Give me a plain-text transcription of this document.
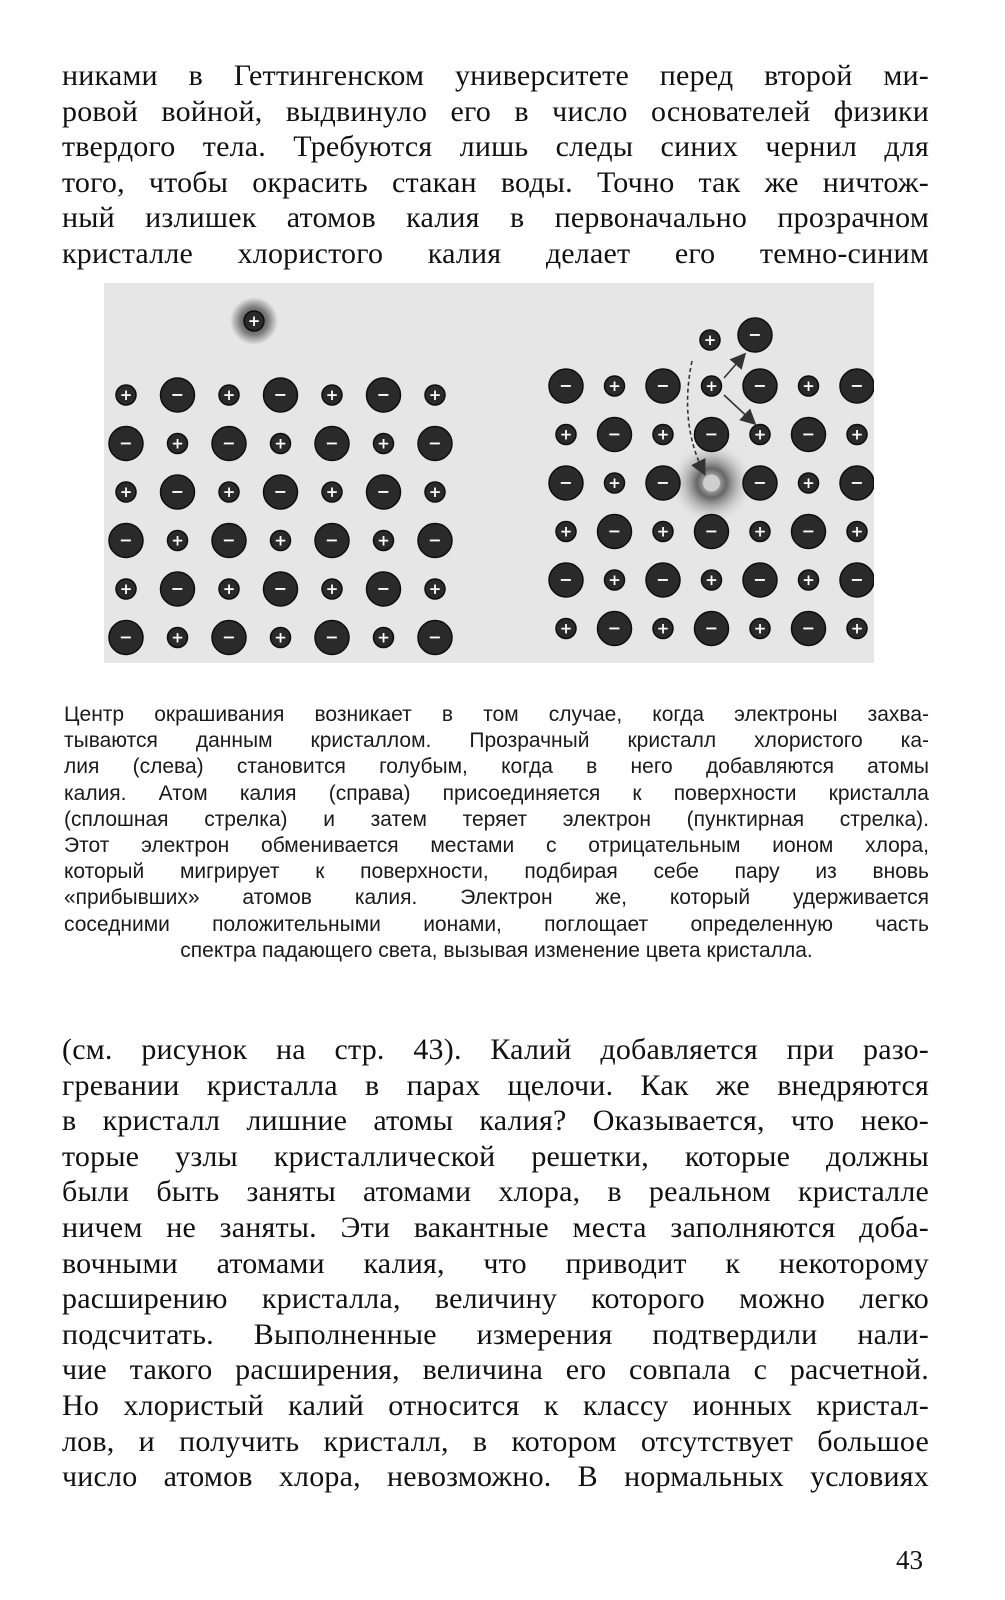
никами в Геттингенском университете перед второй ми-
ровой войной, выдвинуло его в число основателей физики
твердого тела. Требуются лишь следы синих чернил для
того, чтобы окрасить стакан воды. Точно так же ничтож-
ный излишек атомов калия в первоначально прозрачном
кристалле хлористого калия делает его темно-синим
+ −	+ −	+ −	+
−	+ −	+ −	+ −
+ −	+ −	+ −	+
−	+ −	+ −	+ −
+ −	+ −	+ −	+
−	+ −	+ −	+ −
− + − + − + −
+ − + − + − +
− + −	− + −
+ − + − + − +
− + − + − + −
+ − + − + − +
+
+ −
Центр окрашивания возникает в том случае, когда электроны захва-
тываются данным кристаллом. Прозрачный кристалл хлористого ка-
лия (слева) становится голубым, когда в него добавляются атомы
калия. Атом калия (справа) присоединяется к поверхности кристалла
(сплошная стрелка) и затем теряет электрон (пунктирная стрелка).
Этот электрон обменивается местами с отрицательным ионом хлора,
который мигрирует к поверхности, подбирая себе пару из вновь
«прибывших» атомов калия. Электрон же, который удерживается
соседними положительными ионами, поглощает определенную часть
спектра падающего света, вызывая изменение цвета кристалла.
(см. рисунок на стр. 43). Калий добавляется при разо-
гревании кристалла в парах щелочи. Как же внедряются
в кристалл лишние атомы калия? Оказывается, что неко-
торые узлы кристаллической решетки, которые должны
были быть заняты атомами хлора, в реальном кристалле
ничем не заняты. Эти вакантные места заполняются доба-
вочными атомами калия, что приводит к некоторому
расширению кристалла, величину которого можно легко
подсчитать. Выполненные измерения подтвердили нали-
чие такого расширения, величина его совпала с расчетной.
Но хлористый калий относится к классу ионных кристал-
лов, и получить кристалл, в котором отсутствует большое
число атомов хлора, невозможно. В нормальных условиях
43
